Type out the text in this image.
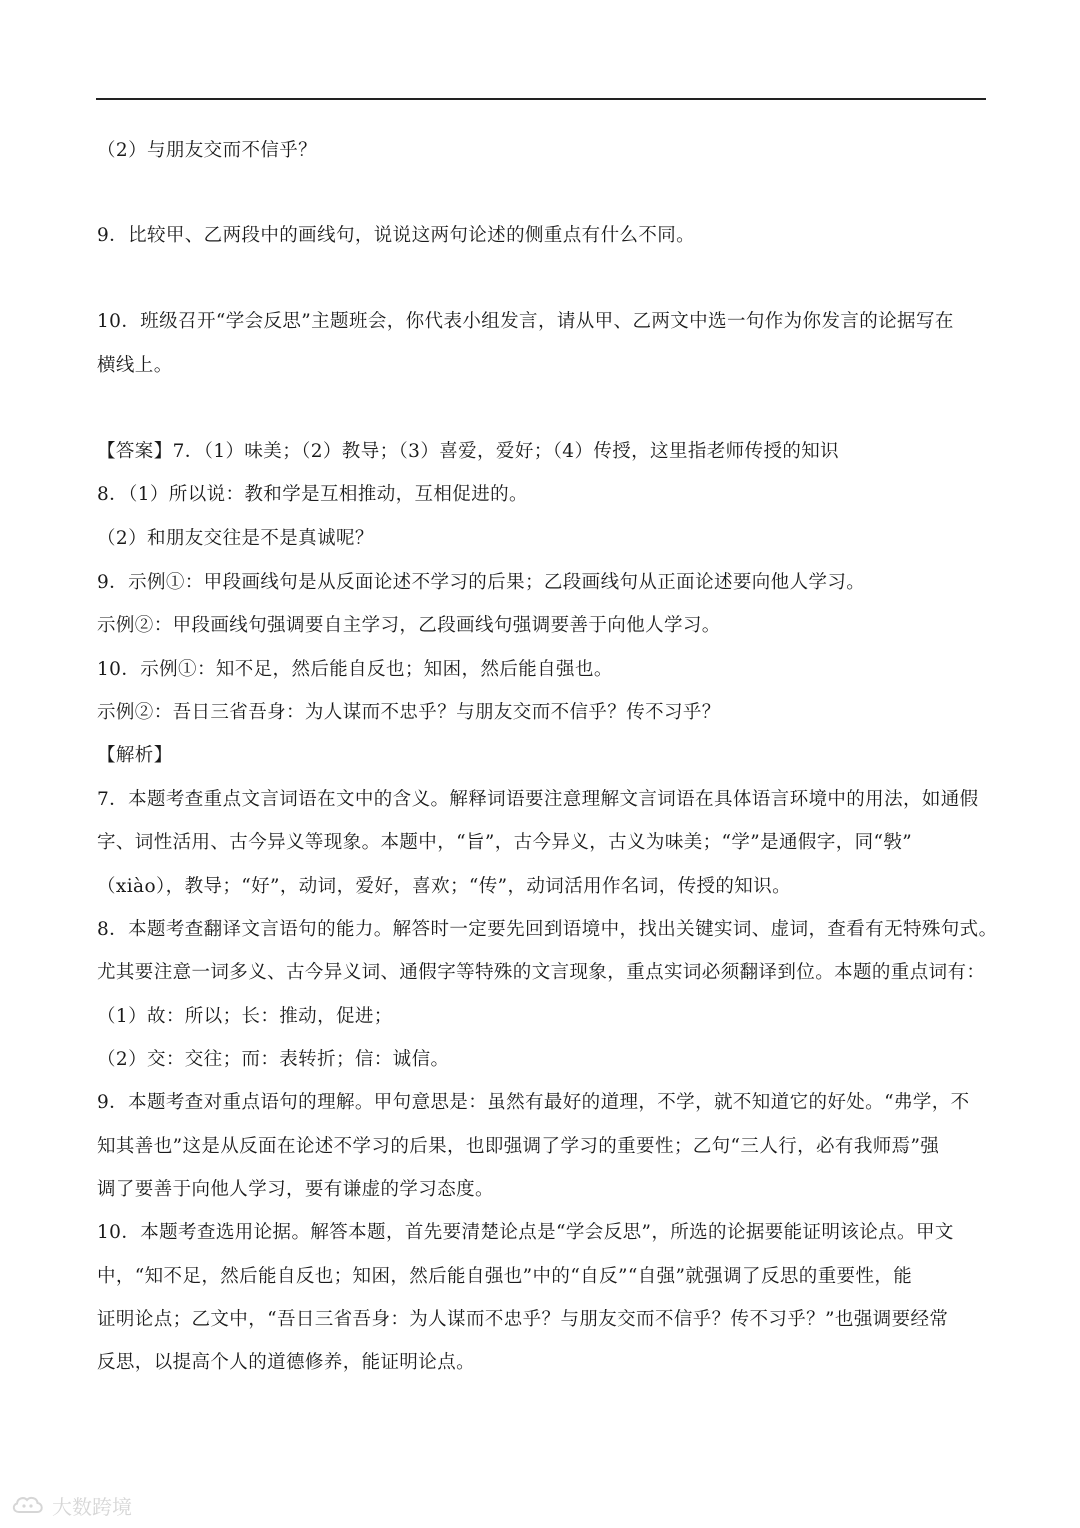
（2）与朋友交而不信乎？
9．比较甲、乙两段中的画线句，说说这两句论述的侧重点有什么不同。
10．班级召开“学会反思”主题班会，你代表小组发言，请从甲、乙两文中选一句作为你发言的论据写在
横线上。
【答案】7．（1）味美；（2）教导；（3）喜爱，爱好；（4）传授，这里指老师传授的知识
8．（1）所以说：教和学是互相推动，互相促进的。
（2）和朋友交往是不是真诚呢？
9．示例①：甲段画线句是从反面论述不学习的后果；乙段画线句从正面论述要向他人学习。
示例②：甲段画线句强调要自主学习，乙段画线句强调要善于向他人学习。
10．示例①：知不足，然后能自反也；知困，然后能自强也。
示例②：吾日三省吾身：为人谋而不忠乎？与朋友交而不信乎？传不习乎？
【解析】
7．本题考查重点文言词语在文中的含义。解释词语要注意理解文言词语在具体语言环境中的用法，如通假
字、词性活用、古今异义等现象。本题中，“旨”，古今异义，古义为味美；“学”是通假字，同“斅”
（xiào），教导；“好”，动词，爱好，喜欢；“传”，动词活用作名词，传授的知识。
8．本题考查翻译文言语句的能力。解答时一定要先回到语境中，找出关键实词、虚词，查看有无特殊句式。
尤其要注意一词多义、古今异义词、通假字等特殊的文言现象，重点实词必须翻译到位。本题的重点词有：
（1）故：所以；长：推动，促进；
（2）交：交往；而：表转折；信：诚信。
9．本题考查对重点语句的理解。甲句意思是：虽然有最好的道理，不学，就不知道它的好处。“弗学，不
知其善也”这是从反面在论述不学习的后果，也即强调了学习的重要性；乙句“三人行，必有我师焉”强
调了要善于向他人学习，要有谦虚的学习态度。
10．本题考查选用论据。解答本题，首先要清楚论点是“学会反思”，所选的论据要能证明该论点。甲文
中，“知不足，然后能自反也；知困，然后能自强也”中的“自反”“自强”就强调了反思的重要性，能
证明论点；乙文中，“吾日三省吾身：为人谋而不忠乎？与朋友交而不信乎？传不习乎？”也强调要经常
反思，以提高个人的道德修养，能证明论点。
大数跨境
